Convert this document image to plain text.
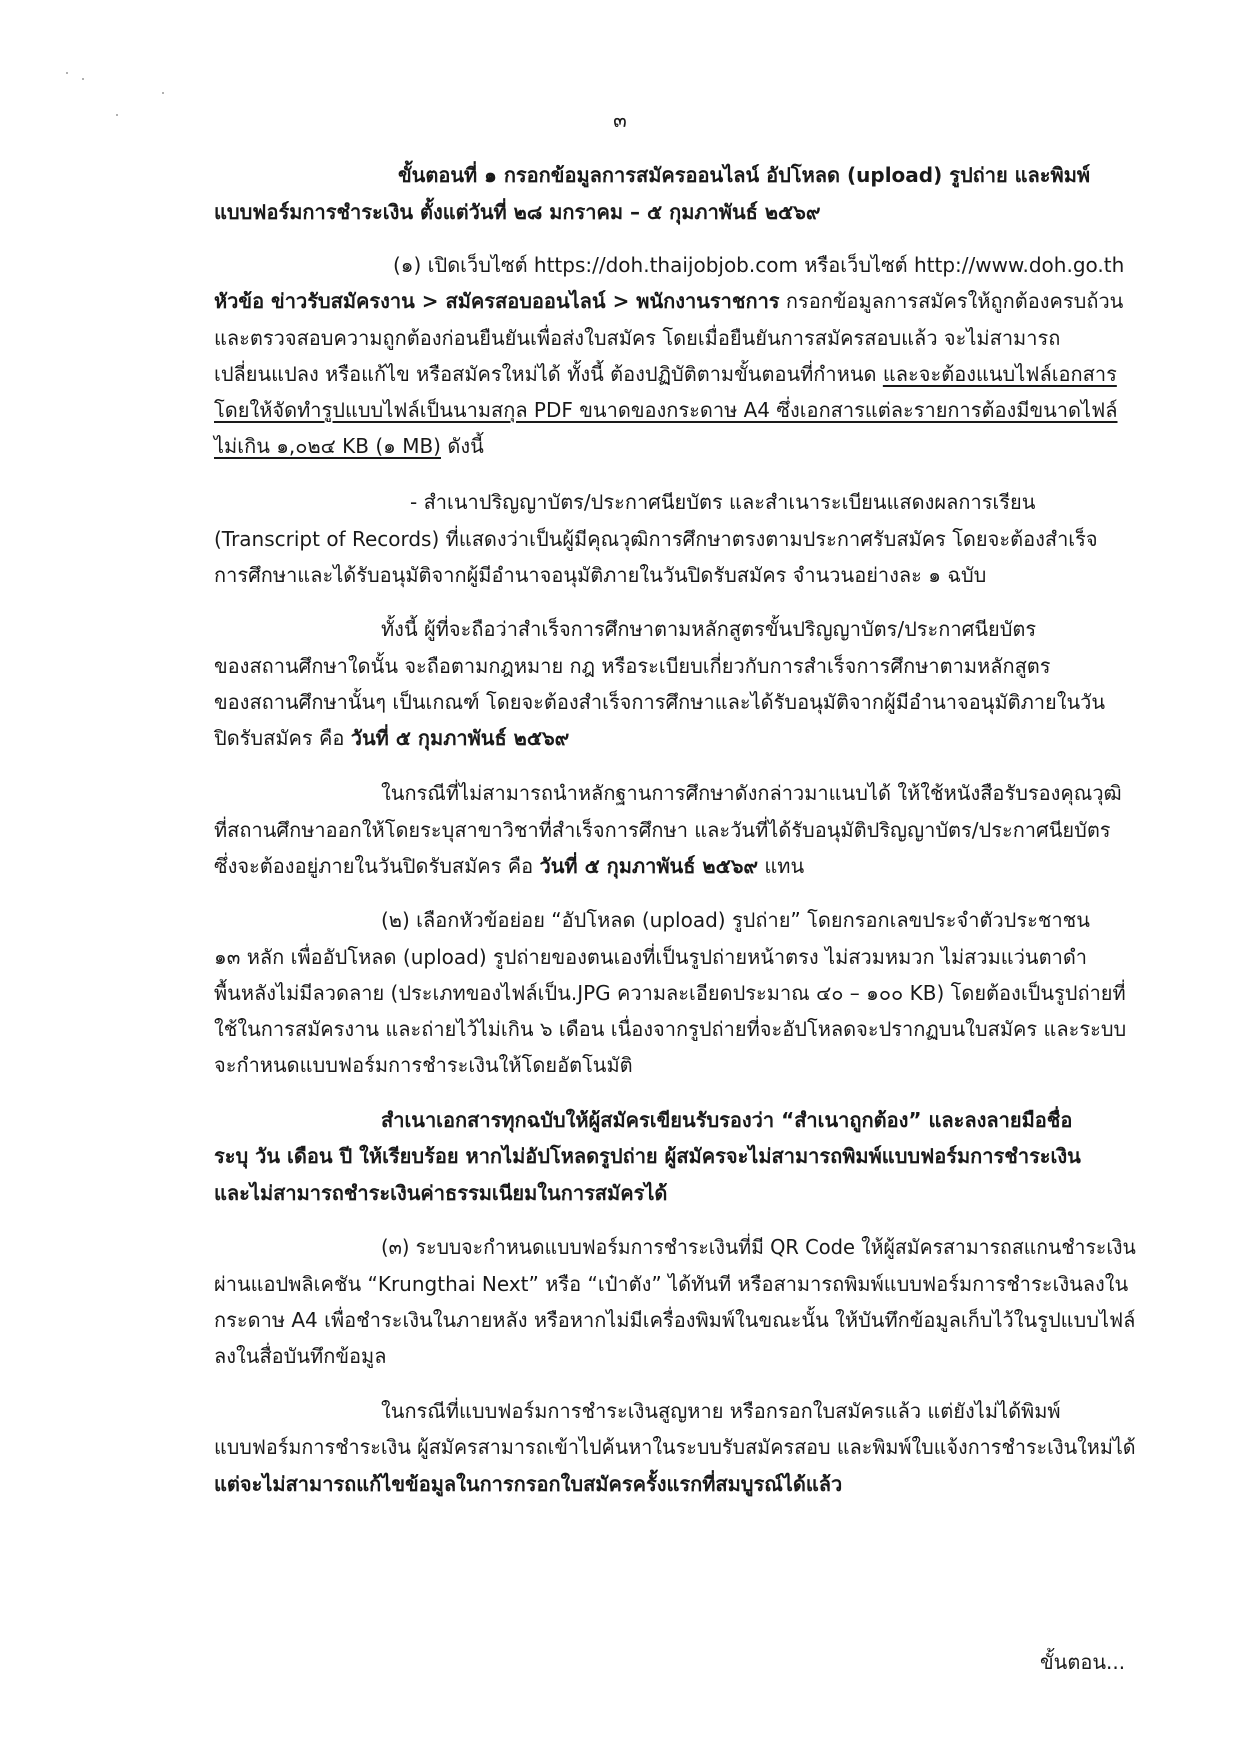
๓
ขั้นตอนที่ ๑ กรอกข้อมูลการสมัครออนไลน์ อัปโหลด (upload) รูปถ่าย และพิมพ์
แบบฟอร์มการชำระเงิน ตั้งแต่วันที่ ๒๘ มกราคม – ๕ กุมภาพันธ์ ๒๕๖๙
(๑) เปิดเว็บไซต์ https://doh.thaijobjob.com หรือเว็บไซต์ http://www.doh.go.th
หัวข้อ ข่าวรับสมัครงาน > สมัครสอบออนไลน์ > พนักงานราชการ กรอกข้อมูลการสมัครให้ถูกต้องครบถ้วน
และตรวจสอบความถูกต้องก่อนยืนยันเพื่อส่งใบสมัคร โดยเมื่อยืนยันการสมัครสอบแล้ว จะไม่สามารถ
เปลี่ยนแปลง หรือแก้ไข หรือสมัครใหม่ได้ ทั้งนี้ ต้องปฏิบัติตามขั้นตอนที่กำหนด และจะต้องแนบไฟล์เอกสาร
โดยให้จัดทำรูปแบบไฟล์เป็นนามสกุล PDF ขนาดของกระดาษ A4 ซึ่งเอกสารแต่ละรายการต้องมีขนาดไฟล์
ไม่เกิน ๑,๐๒๔ KB (๑ MB) ดังนี้
- สำเนาปริญญาบัตร/ประกาศนียบัตร และสำเนาระเบียนแสดงผลการเรียน
(Transcript of Records) ที่แสดงว่าเป็นผู้มีคุณวุฒิการศึกษาตรงตามประกาศรับสมัคร โดยจะต้องสำเร็จ
การศึกษาและได้รับอนุมัติจากผู้มีอำนาจอนุมัติภายในวันปิดรับสมัคร จำนวนอย่างละ ๑ ฉบับ
ทั้งนี้ ผู้ที่จะถือว่าสำเร็จการศึกษาตามหลักสูตรขั้นปริญญาบัตร/ประกาศนียบัตร
ของสถานศึกษาใดนั้น จะถือตามกฎหมาย กฎ หรือระเบียบเกี่ยวกับการสำเร็จการศึกษาตามหลักสูตร
ของสถานศึกษานั้นๆ เป็นเกณฑ์ โดยจะต้องสำเร็จการศึกษาและได้รับอนุมัติจากผู้มีอำนาจอนุมัติภายในวัน
ปิดรับสมัคร คือ วันที่ ๕ กุมภาพันธ์ ๒๕๖๙
ในกรณีที่ไม่สามารถนำหลักฐานการศึกษาดังกล่าวมาแนบได้ ให้ใช้หนังสือรับรองคุณวุฒิ
ที่สถานศึกษาออกให้โดยระบุสาขาวิชาที่สำเร็จการศึกษา และวันที่ได้รับอนุมัติปริญญาบัตร/ประกาศนียบัตร
ซึ่งจะต้องอยู่ภายในวันปิดรับสมัคร คือ วันที่ ๕ กุมภาพันธ์ ๒๕๖๙ แทน
(๒) เลือกหัวข้อย่อย “อัปโหลด (upload) รูปถ่าย” โดยกรอกเลขประจำตัวประชาชน
๑๓ หลัก เพื่ออัปโหลด (upload) รูปถ่ายของตนเองที่เป็นรูปถ่ายหน้าตรง ไม่สวมหมวก ไม่สวมแว่นตาดำ
พื้นหลังไม่มีลวดลาย (ประเภทของไฟล์เป็น.JPG ความละเอียดประมาณ ๔๐ – ๑๐๐ KB) โดยต้องเป็นรูปถ่ายที่
ใช้ในการสมัครงาน และถ่ายไว้ไม่เกิน ๖ เดือน เนื่องจากรูปถ่ายที่จะอัปโหลดจะปรากฏบนใบสมัคร และระบบ
จะกำหนดแบบฟอร์มการชำระเงินให้โดยอัตโนมัติ
สำเนาเอกสารทุกฉบับให้ผู้สมัครเขียนรับรองว่า “สำเนาถูกต้อง” และลงลายมือชื่อ
ระบุ วัน เดือน ปี ให้เรียบร้อย หากไม่อัปโหลดรูปถ่าย ผู้สมัครจะไม่สามารถพิมพ์แบบฟอร์มการชำระเงิน
และไม่สามารถชำระเงินค่าธรรมเนียมในการสมัครได้
(๓) ระบบจะกำหนดแบบฟอร์มการชำระเงินที่มี QR Code ให้ผู้สมัครสามารถสแกนชำระเงิน
ผ่านแอปพลิเคชัน “Krungthai Next” หรือ “เป๋าตัง” ได้ทันที หรือสามารถพิมพ์แบบฟอร์มการชำระเงินลงใน
กระดาษ A4 เพื่อชำระเงินในภายหลัง หรือหากไม่มีเครื่องพิมพ์ในขณะนั้น ให้บันทึกข้อมูลเก็บไว้ในรูปแบบไฟล์
ลงในสื่อบันทึกข้อมูล
ในกรณีที่แบบฟอร์มการชำระเงินสูญหาย หรือกรอกใบสมัครแล้ว แต่ยังไม่ได้พิมพ์
แบบฟอร์มการชำระเงิน ผู้สมัครสามารถเข้าไปค้นหาในระบบรับสมัครสอบ และพิมพ์ใบแจ้งการชำระเงินใหม่ได้
แต่จะไม่สามารถแก้ไขข้อมูลในการกรอกใบสมัครครั้งแรกที่สมบูรณ์ได้แล้ว
ขั้นตอน...
